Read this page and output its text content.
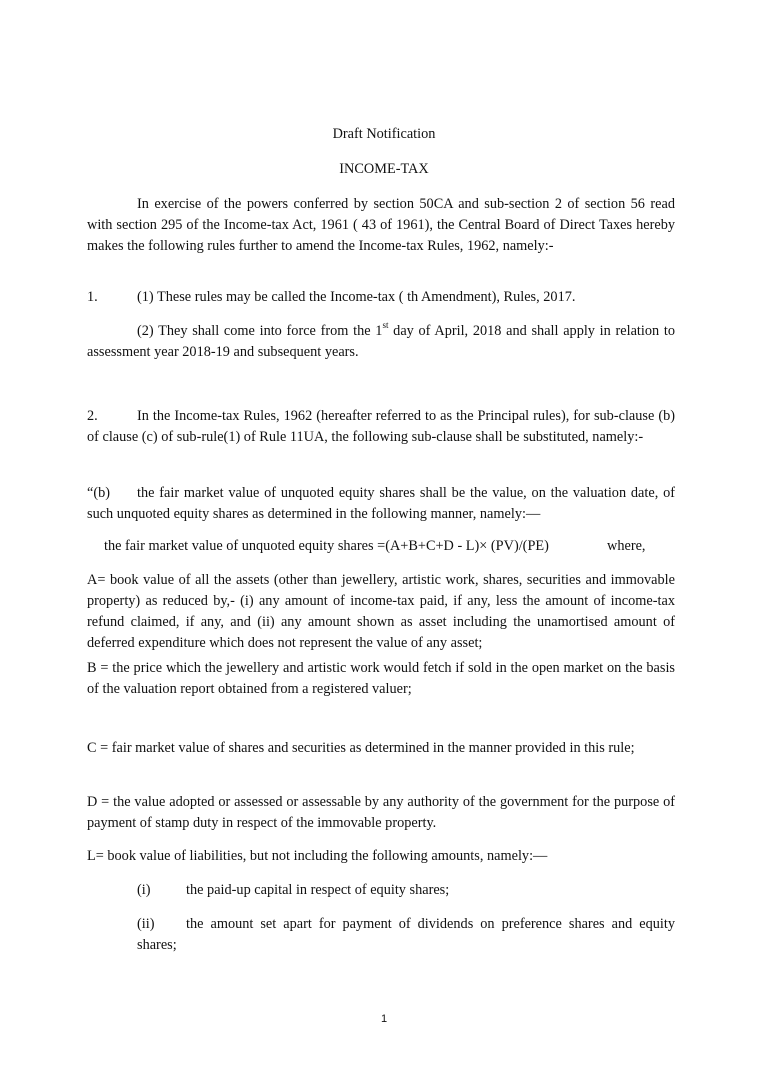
Draft Notification
INCOME-TAX

In exercise of the powers conferred by section 50CA and sub-section 2 of section 56 read with section 295 of the Income-tax Act, 1961 ( 43 of 1961), the Central Board of Direct Taxes hereby makes the following rules further to amend the Income-tax Rules, 1962, namely:-

1.	(1) These rules may be called the Income-tax ( th Amendment), Rules, 2017.

(2) They shall come into force from the 1st day of April, 2018 and shall apply in relation to assessment year 2018-19 and subsequent years.

2.	In the Income-tax Rules, 1962 (hereafter referred to as the Principal rules), for sub-clause (b) of clause (c) of sub-rule(1) of Rule 11UA, the following sub-clause shall be substituted, namely:-

“(b)	the fair market value of unquoted equity shares shall be the value, on the valuation date, of such unquoted equity shares as determined in the following manner, namely:—

the fair market value of unquoted equity shares =(A+B+C+D - L)× (PV)/(PE)	where,

A= book value of all the assets (other than jewellery, artistic work, shares, securities and immovable property) as reduced by,- (i) any amount of income-tax paid, if any, less the amount of income-tax refund claimed, if any, and (ii) any amount shown as asset including the unamortised amount of deferred expenditure which does not represent the value of any asset;

B = the price which the jewellery and artistic work would fetch if sold in the open market on the basis of the valuation report obtained from a registered valuer;

C = fair market value of shares and securities as determined in the manner provided in this rule;

D = the value adopted or assessed or assessable by any authority of the government for the purpose of payment of stamp duty in respect of the immovable property.

L= book value of liabilities, but not including the following amounts, namely:—

(i) the paid-up capital in respect of equity shares;
(ii)	the amount set apart for payment of dividends on preference shares and equity shares;

1
